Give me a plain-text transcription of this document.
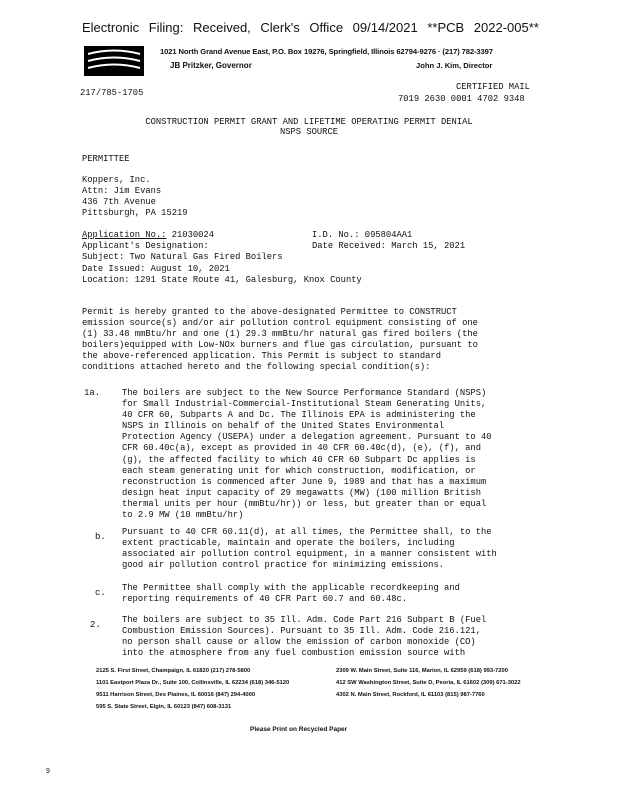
Electronic Filing: Received, Clerk's Office 09/14/2021 **PCB 2022-005**
1021 North Grand Avenue East, P.O. Box 19276, Springfield, Illinois 62794-9276 · (217) 782-3397
JB Pritzker, Governor	John J. Kim, Director
CERTIFIED MAIL
7019 2630 0001 4702 9348
217/785-1705
CONSTRUCTION PERMIT GRANT AND LIFETIME OPERATING PERMIT DENIAL
NSPS SOURCE
PERMITTEE
Koppers, Inc.
Attn: Jim Evans
436 7th Avenue
Pittsburgh, PA 15219
Application No.: 21030024	I.D. No.: 095804AA1
Applicant's Designation:	Date Received: March 15, 2021
Subject: Two Natural Gas Fired Boilers
Date Issued: August 10, 2021
Location: 1291 State Route 41, Galesburg, Knox County
Permit is hereby granted to the above-designated Permittee to CONSTRUCT
emission source(s) and/or air pollution control equipment consisting of one
(1) 33.48 mmBtu/hr and one (1) 29.3 mmBtu/hr natural gas fired boilers (the
boilers)equipped with Low-NOx burners and flue gas circulation, pursuant to
the above-referenced application. This Permit is subject to standard
conditions attached hereto and the following special condition(s):
1a. The boilers are subject to the New Source Performance Standard (NSPS)
for Small Industrial-Commercial-Institutional Steam Generating Units,
40 CFR 60, Subparts A and Dc. The Illinois EPA is administering the
NSPS in Illinois on behalf of the United States Environmental
Protection Agency (USEPA) under a delegation agreement. Pursuant to 40
CFR 60.40c(a), except as provided in 40 CFR 60.40c(d), (e), (f), and
(g), the affected facility to which 40 CFR 60 Subpart Dc applies is
each steam generating unit for which construction, modification, or
reconstruction is commenced after June 9, 1989 and that has a maximum
design heat input capacity of 29 megawatts (MW) (100 million British
thermal units per hour (mmBtu/hr)) or less, but greater than or equal
to 2.9 MW (10 mmBtu/hr)
b. Pursuant to 40 CFR 60.11(d), at all times, the Permittee shall, to the
extent practicable, maintain and operate the boilers, including
associated air pollution control equipment, in a manner consistent with
good air pollution control practice for minimizing emissions.
c. The Permittee shall comply with the applicable recordkeeping and
reporting requirements of 40 CFR Part 60.7 and 60.48c.
2. The boilers are subject to 35 Ill. Adm. Code Part 216 Subpart B (Fuel
Combustion Emission Sources). Pursuant to 35 Ill. Adm. Code 216.121,
no person shall cause or allow the emission of carbon monoxide (CO)
into the atmosphere from any fuel combustion emission source with
2125 S. First Street, Champaign, IL 61820 (217) 278-5800
1101 Eastport Plaza Dr., Suite 100, Collinsville, IL 62234 (618) 346-5120
9511 Harrison Street, Des Plaines, IL 60016 (847) 294-4000
595 S. State Street, Elgin, IL 60123 (847) 608-3131
2309 W. Main Street, Suite 116, Marion, IL 62959 (618) 993-7200
412 SW Washington Street, Suite D, Peoria, IL 61602 (309) 671-3022
4302 N. Main Street, Rockford, IL 61103 (815) 987-7760
Please Print on Recycled Paper
9
